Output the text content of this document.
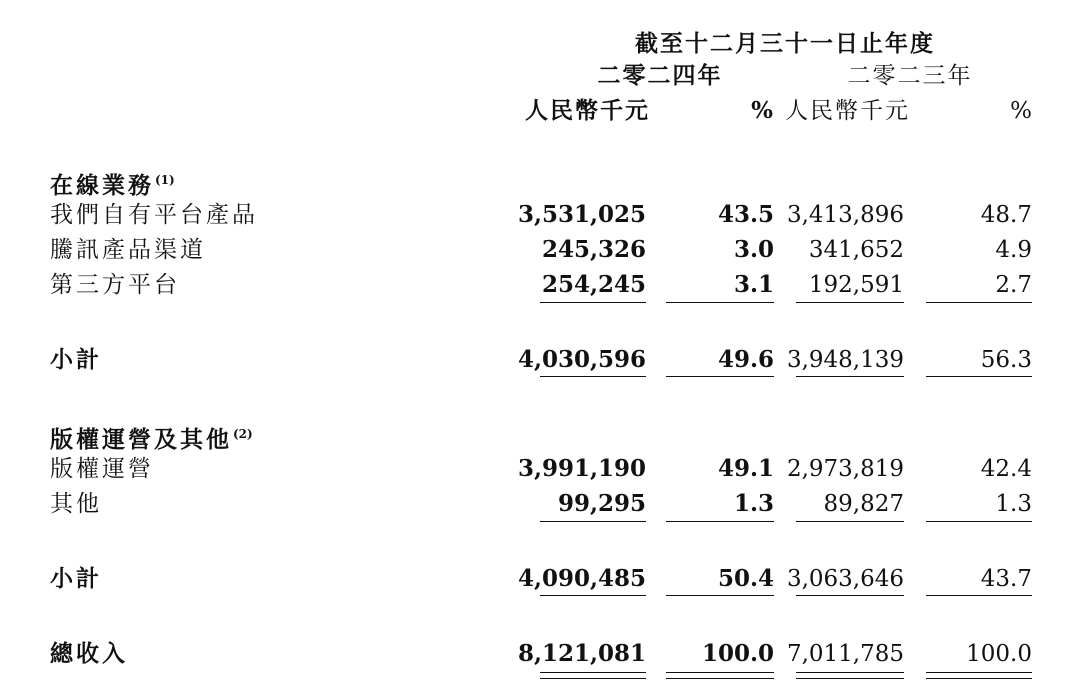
截至十二月三十一日止年度
二零二四年	二零二三年
人民幣千元	% 人民幣千元	%
在線業務$^{(1)}$
我們自有平台產品	3,531,025	43.5 3,413,896	48.7
騰訊產品渠道	245,326	3.0	341,652	4.9
第三方平台	254,245	3.1	192,591	2.7
小計	4,030,596	49.6 3,948,139	56.3
版權運營及其他$^{(2)}$
版權運營	3,991,190	49.1 2,973,819	42.4
其他	99,295	1.3	89,827	1.3
小計	4,090,485	50.4 3,063,646	43.7
總收入	8,121,081	100.0 7,011,785	100.0
